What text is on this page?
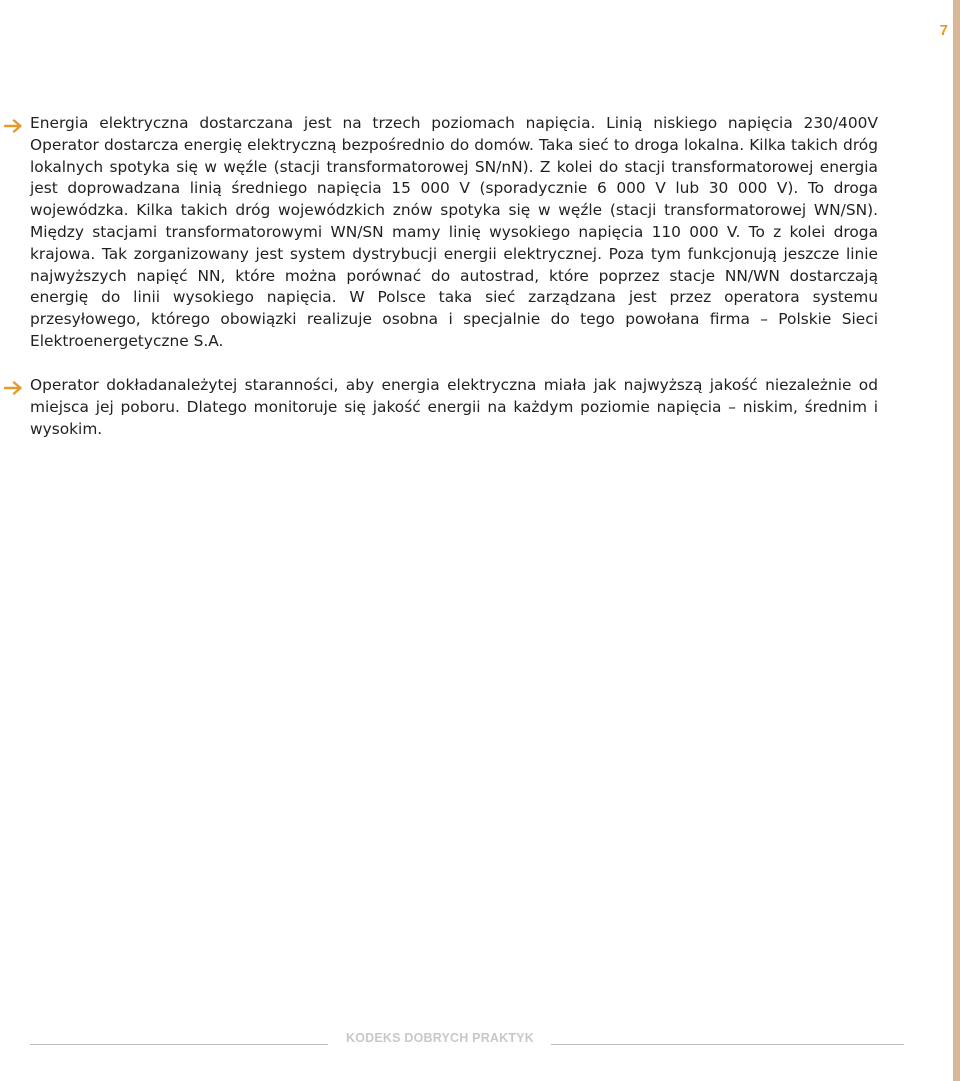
7

Energia elektryczna dostarczana jest na trzech poziomach napięcia. Linią niskiego napięcia 230/400V Operator dostarcza energię elektryczną bezpośrednio do domów. Taka sieć to droga lokalna. Kilka takich dróg lokalnych spotyka się w węźle (stacji transformatorowej SN/nN). Z kolei do stacji transformatorowej energia jest doprowadzana linią średniego napięcia 15 000 V (sporadycznie 6 000 V lub 30 000 V). To droga wojewódzka. Kilka takich dróg wojewódzkich znów spotyka się w węźle (stacji transformatorowej WN/SN). Między stacjami transformatorowymi WN/SN mamy linię wysokiego napięcia 110 000 V. To z kolei droga krajowa. Tak zorganizowany jest system dystrybucji energii elektrycznej. Poza tym funkcjonują jeszcze linie najwyższych napięć NN, które można porównać do autostrad, które poprzez stacje NN/WN dostarczają energię do linii wysokiego napięcia. W Polsce taka sieć zarządzana jest przez operatora systemu przesyłowego, którego obowiązki realizuje osobna i specjalnie do tego powołana firma – Polskie Sieci Elektroenergetyczne S.A.

Operator dokładanależytej staranności, aby energia elektryczna miała jak najwyższą jakość niezależnie od miejsca jej poboru. Dlatego monitoruje się jakość energii na każdym poziomie napięcia – niskim, średnim i wysokim.

KODEKS DOBRYCH PRAKTYK
